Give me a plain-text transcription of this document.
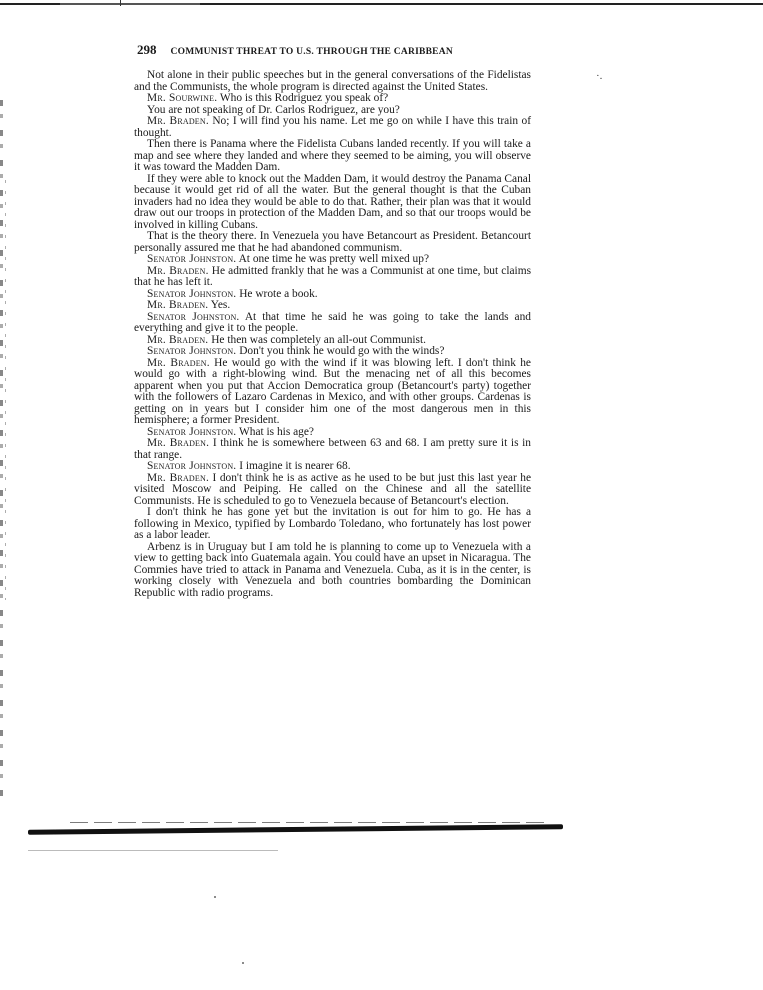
298 COMMUNIST THREAT TO U.S. THROUGH THE CARIBBEAN
·.

Not alone in their public speeches but in the general conversations of the Fidelistas and the Communists, the whole program is directed against the United States.

Mr. Sourwine. Who is this Rodriguez you speak of?

You are not speaking of Dr. Carlos Rodriguez, are you?

Mr. Braden. No; I will find you his name. Let me go on while I have this train of thought.

Then there is Panama where the Fidelista Cubans landed recently. If you will take a map and see where they landed and where they seemed to be aiming, you will observe it was toward the Madden Dam.

If they were able to knock out the Madden Dam, it would destroy the Panama Canal because it would get rid of all the water. But the general thought is that the Cuban invaders had no idea they would be able to do that. Rather, their plan was that it would draw out our troops in protection of the Madden Dam, and so that our troops would be involved in killing Cubans.

That is the theory there. In Venezuela you have Betancourt as President. Betancourt personally assured me that he had abandoned communism.

Senator Johnston. At one time he was pretty well mixed up?

Mr. Braden. He admitted frankly that he was a Communist at one time, but claims that he has left it.

Senator Johnston. He wrote a book.

Mr. Braden. Yes.

Senator Johnston. At that time he said he was going to take the lands and everything and give it to the people.

Mr. Braden. He then was completely an all-out Communist.

Senator Johnston. Don't you think he would go with the winds?

Mr. Braden. He would go with the wind if it was blowing left. I don't think he would go with a right-blowing wind. But the menacing net of all this becomes apparent when you put that Accion Democratica group (Betancourt's party) together with the followers of Lazaro Cardenas in Mexico, and with other groups. Cardenas is getting on in years but I consider him one of the most dangerous men in this hemisphere; a former President.

Senator Johnston. What is his age?

Mr. Braden. I think he is somewhere between 63 and 68. I am pretty sure it is in that range.

Senator Johnston. I imagine it is nearer 68.

Mr. Braden. I don't think he is as active as he used to be but just this last year he visited Moscow and Peiping. He called on the Chinese and all the satellite Communists. He is scheduled to go to Venezuela because of Betancourt's election.

I don't think he has gone yet but the invitation is out for him to go. He has a following in Mexico, typified by Lombardo Toledano, who fortunately has lost power as a labor leader.

Arbenz is in Uruguay but I am told he is planning to come up to Venezuela with a view to getting back into Guatemala again. You could have an upset in Nicaragua. The Commies have tried to attack in Panama and Venezuela. Cuba, as it is in the center, is working closely with Venezuela and both countries bombarding the Dominican Republic with radio programs.
